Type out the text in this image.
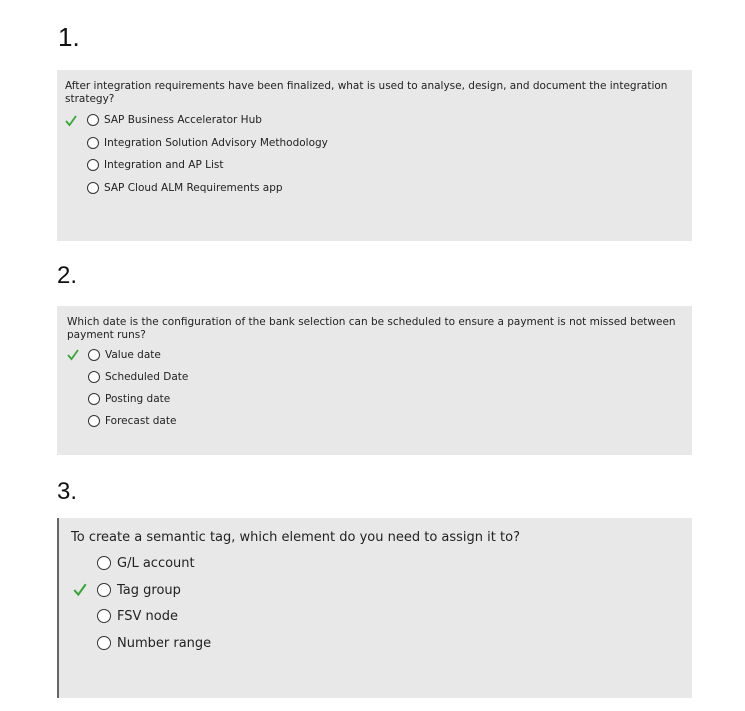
1.
After integration requirements have been finalized, what is used to analyse, design, and document the integration strategy?
SAP Business Accelerator Hub
Integration Solution Advisory Methodology
Integration and AP List
SAP Cloud ALM Requirements app
2.
Which date is the configuration of the bank selection can be scheduled to ensure a payment is not missed between payment runs?
Value date
Scheduled Date
Posting date
Forecast date
3.
To create a semantic tag, which element do you need to assign it to?
G/L account
Tag group
FSV node
Number range
